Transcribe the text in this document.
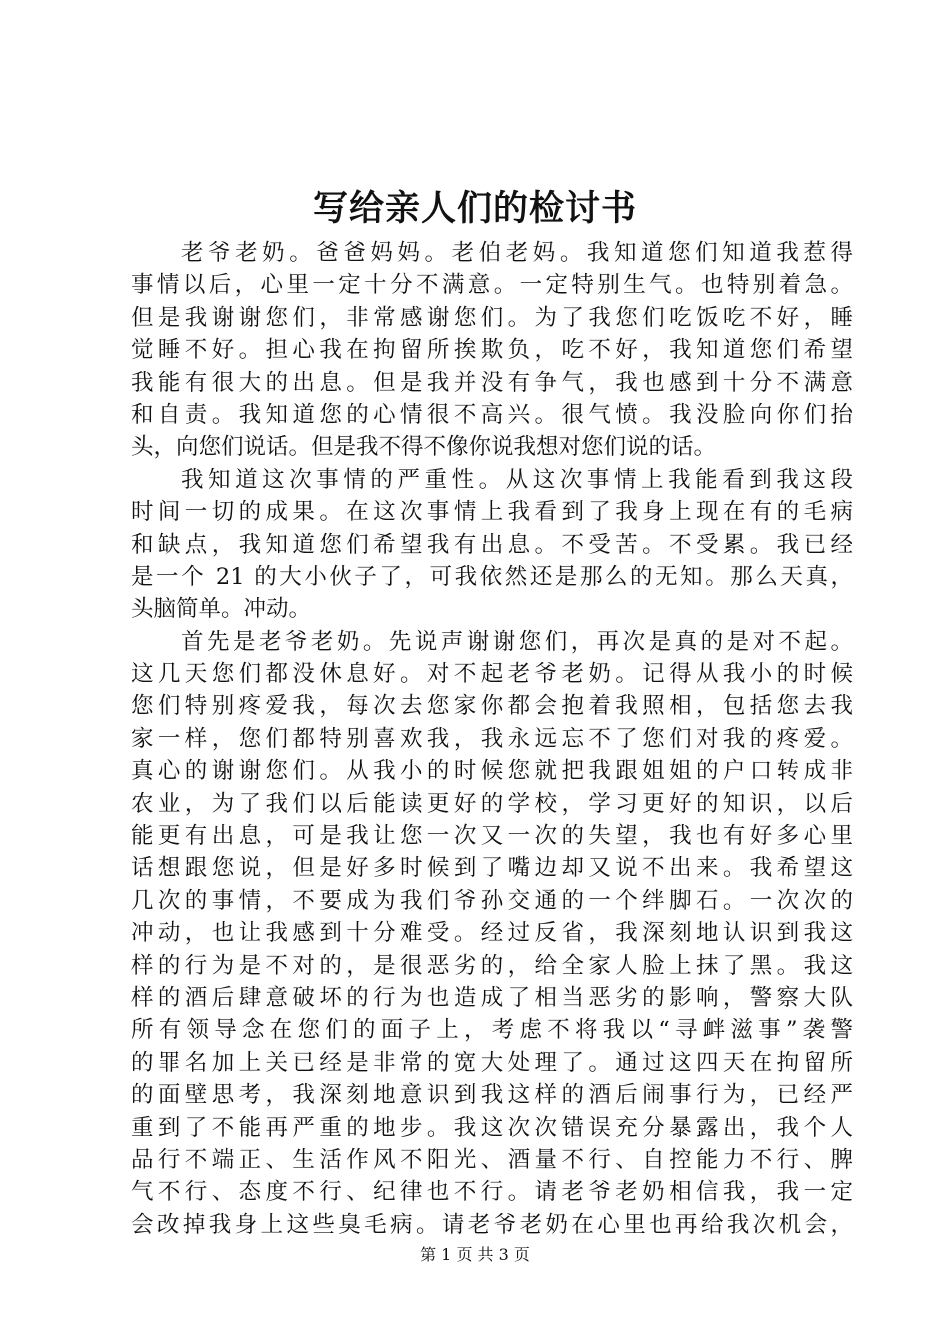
写给亲人们的检讨书
老爷老奶。爸爸妈妈。老伯老妈。我知道您们知道我惹得
事情以后，心里一定十分不满意。一定特别生气。也特别着急。
但是我谢谢您们，非常感谢您们。为了我您们吃饭吃不好，睡
觉睡不好。担心我在拘留所挨欺负，吃不好，我知道您们希望
我能有很大的出息。但是我并没有争气，我也感到十分不满意
和自责。我知道您的心情很不高兴。很气愤。我没脸向你们抬
头，向您们说话。但是我不得不像你说我想对您们说的话。
我知道这次事情的严重性。从这次事情上我能看到我这段
时间一切的成果。在这次事情上我看到了我身上现在有的毛病
和缺点，我知道您们希望我有出息。不受苦。不受累。我已经
是一个 21 的大小伙子了，可我依然还是那么的无知。那么天真，
头脑简单。冲动。
首先是老爷老奶。先说声谢谢您们，再次是真的是对不起。
这几天您们都没休息好。对不起老爷老奶。记得从我小的时候
您们特别疼爱我，每次去您家你都会抱着我照相，包括您去我
家一样，您们都特别喜欢我，我永远忘不了您们对我的疼爱。
真心的谢谢您们。从我小的时候您就把我跟姐姐的户口转成非
农业，为了我们以后能读更好的学校，学习更好的知识，以后
能更有出息，可是我让您一次又一次的失望，我也有好多心里
话想跟您说，但是好多时候到了嘴边却又说不出来。我希望这
几次的事情，不要成为我们爷孙交通的一个绊脚石。一次次的
冲动，也让我感到十分难受。经过反省，我深刻地认识到我这
样的行为是不对的，是很恶劣的，给全家人脸上抹了黑。我这
样的酒后肆意破坏的行为也造成了相当恶劣的影响，警察大队
所有领导念在您们的面子上，考虑不将我以“寻衅滋事”袭警
的罪名加上关已经是非常的宽大处理了。通过这四天在拘留所
的面壁思考，我深刻地意识到我这样的酒后闹事行为，已经严
重到了不能再严重的地步。我这次次错误充分暴露出，我个人
品行不端正、生活作风不阳光、酒量不行、自控能力不行、脾
气不行、态度不行、纪律也不行。请老爷老奶相信我，我一定
会改掉我身上这些臭毛病。请老爷老奶在心里也再给我次机会，
第 1 页 共 3 页
